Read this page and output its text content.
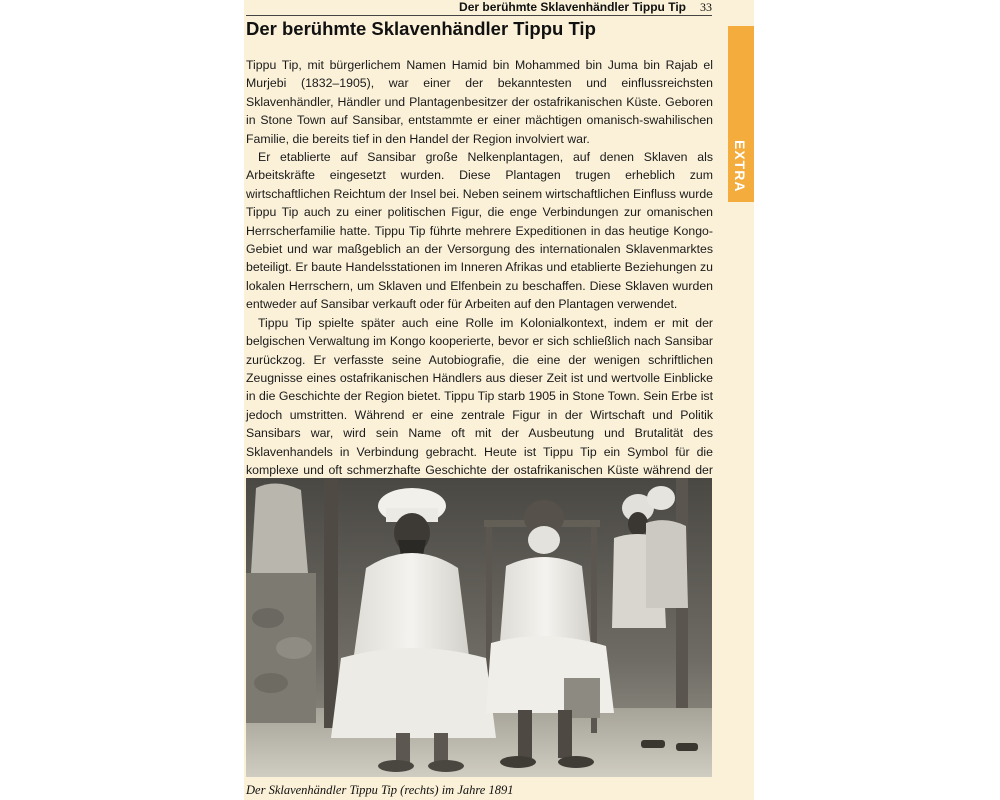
Der berühmte Sklavenhändler Tippu Tip	33
EXTRA
Der berühmte Sklavenhändler Tippu Tip

Tippu Tip, mit bürgerlichem Namen Hamid bin Mohammed bin Juma bin Rajab el Murjebi (1832–1905), war einer der bekanntesten und einflussreichsten Sklavenhändler, Händler und Plantagenbesitzer der ostafrikanischen Küste. Geboren in Stone Town auf Sansibar, entstammte er einer mächtigen omanisch-swahilischen Familie, die bereits tief in den Handel der Region involviert war.

Er etablierte auf Sansibar große Nelkenplantagen, auf denen Sklaven als Arbeitskräfte eingesetzt wurden. Diese Plantagen trugen erheblich zum wirtschaftlichen Reichtum der Insel bei. Neben seinem wirtschaftlichen Einfluss wurde Tippu Tip auch zu einer politischen Figur, die enge Verbindungen zur omanischen Herrscherfamilie hatte. Tippu Tip führte mehrere Expeditionen in das heutige Kongo-Gebiet und war maßgeblich an der Versorgung des internationalen Sklavenmarktes beteiligt. Er baute Handelsstationen im Inneren Afrikas und etablierte Beziehungen zu lokalen Herrschern, um Sklaven und Elfenbein zu beschaffen. Diese Sklaven wurden entweder auf Sansibar verkauft oder für Arbeiten auf den Plantagen verwendet.

Tippu Tip spielte später auch eine Rolle im Kolonialkontext, indem er mit der belgischen Verwaltung im Kongo kooperierte, bevor er sich schließlich nach Sansibar zurückzog. Er verfasste seine Autobiografie, die eine der wenigen schriftlichen Zeugnisse eines ostafrikanischen Händlers aus dieser Zeit ist und wertvolle Einblicke in die Geschichte der Region bietet. Tippu Tip starb 1905 in Stone Town. Sein Erbe ist jedoch umstritten. Während er eine zentrale Figur in der Wirtschaft und Politik Sansibars war, wird sein Name oft mit der Ausbeutung und Brutalität des Sklavenhandels in Verbindung gebracht. Heute ist Tippu Tip ein Symbol für die komplexe und oft schmerzhafte Geschichte der ostafrikanischen Küste während der

Der Sklavenhändler Tippu Tip (rechts) im Jahre 1891
